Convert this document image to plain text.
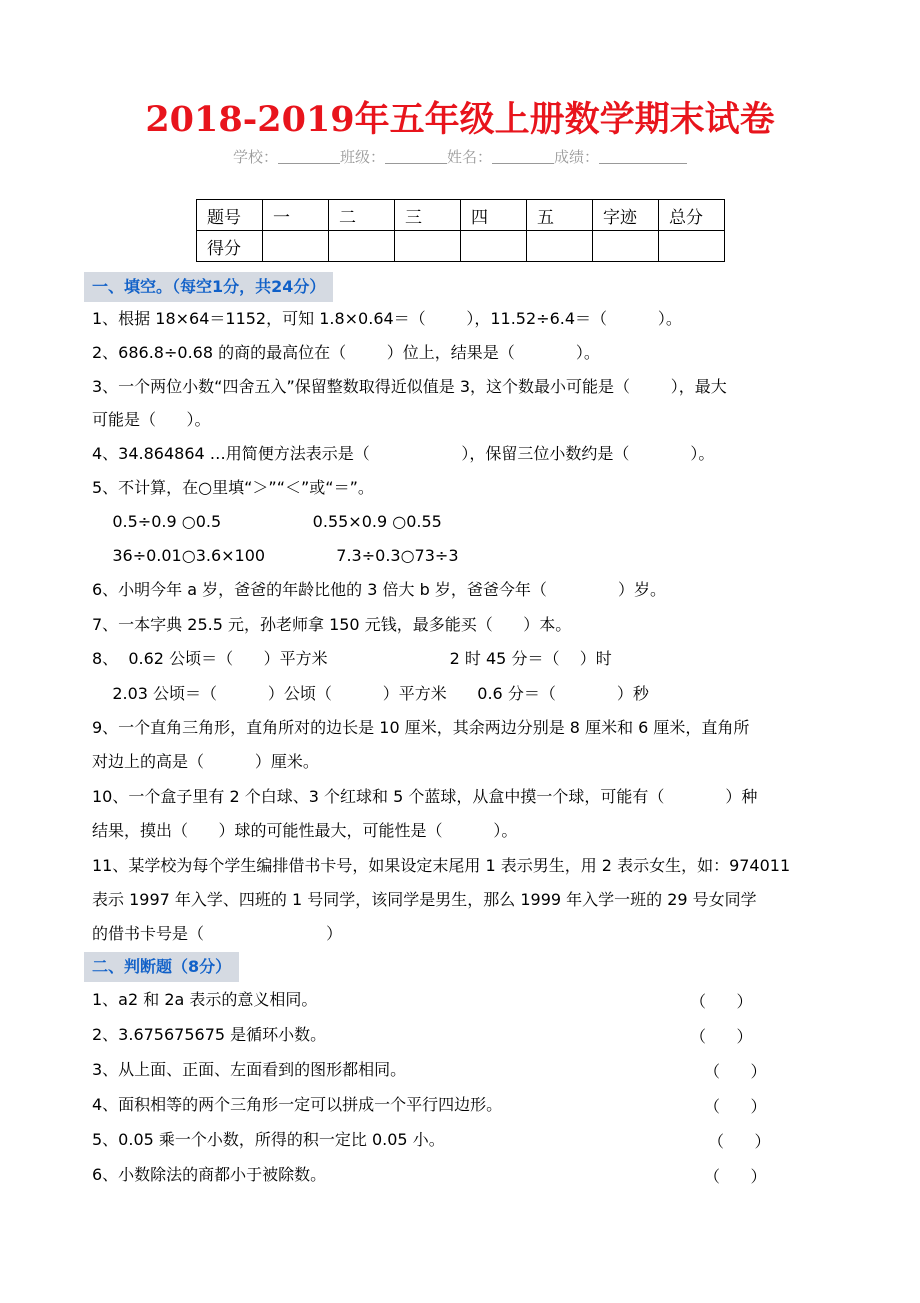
2018-2019年五年级上册数学期末试卷
学校：	班级：	姓名：	成绩：
题号	一	二	三	四	五	字迹	总分
得分							
一、填空。（每空1分，共24分）
1、根据 18×64＝1152，可知 1.8×0.64＝（        ），11.52÷6.4＝（          ）。
2、686.8÷0.68 的商的最高位在（        ）位上，结果是（            ）。
3、一个两位小数“四舍五入”保留整数取得近似值是 3，这个数最小可能是（        ），最大
可能是（      ）。
4、34.864864 …用简便方法表示是（                  ），保留三位小数约是（            ）。
5、不计算，在○里填“＞”“＜”或“＝”。
0.5÷0.9 ○0.5                  0.55×0.9 ○0.55
36÷0.01○3.6×100              7.3÷0.3○73÷3
6、小明今年 a 岁，爸爸的年龄比他的 3 倍大 b 岁，爸爸今年（              ）岁。
7、一本字典 25.5 元，孙老师拿 150 元钱，最多能买（      ）本。
8、  0.62 公顷＝（      ）平方米                        2 时 45 分＝（    ）时
2.03 公顷＝（          ）公顷（          ）平方米      0.6 分＝（            ）秒
9、一个直角三角形，直角所对的边长是 10 厘米，其余两边分别是 8 厘米和 6 厘米，直角所
对边上的高是（          ）厘米。
10、一个盒子里有 2 个白球、3 个红球和 5 个蓝球，从盒中摸一个球，可能有（            ）种
结果，摸出（      ）球的可能性最大，可能性是（          ）。
11、某学校为每个学生编排借书卡号，如果设定末尾用 1 表示男生，用 2 表示女生，如：974011
表示 1997 年入学、四班的 1 号同学，该同学是男生，那么 1999 年入学一班的 29 号女同学
的借书卡号是（                        ）
二、判断题（8分）
1、a2 和 2a 表示的意义相同。	（      ）
2、3.675675675 是循环小数。	（      ）
3、从上面、正面、左面看到的图形都相同。	（      ）
4、面积相等的两个三角形一定可以拼成一个平行四边形。	（      ）
5、0.05 乘一个小数，所得的积一定比 0.05 小。	（      ）
6、小数除法的商都小于被除数。	（      ）
